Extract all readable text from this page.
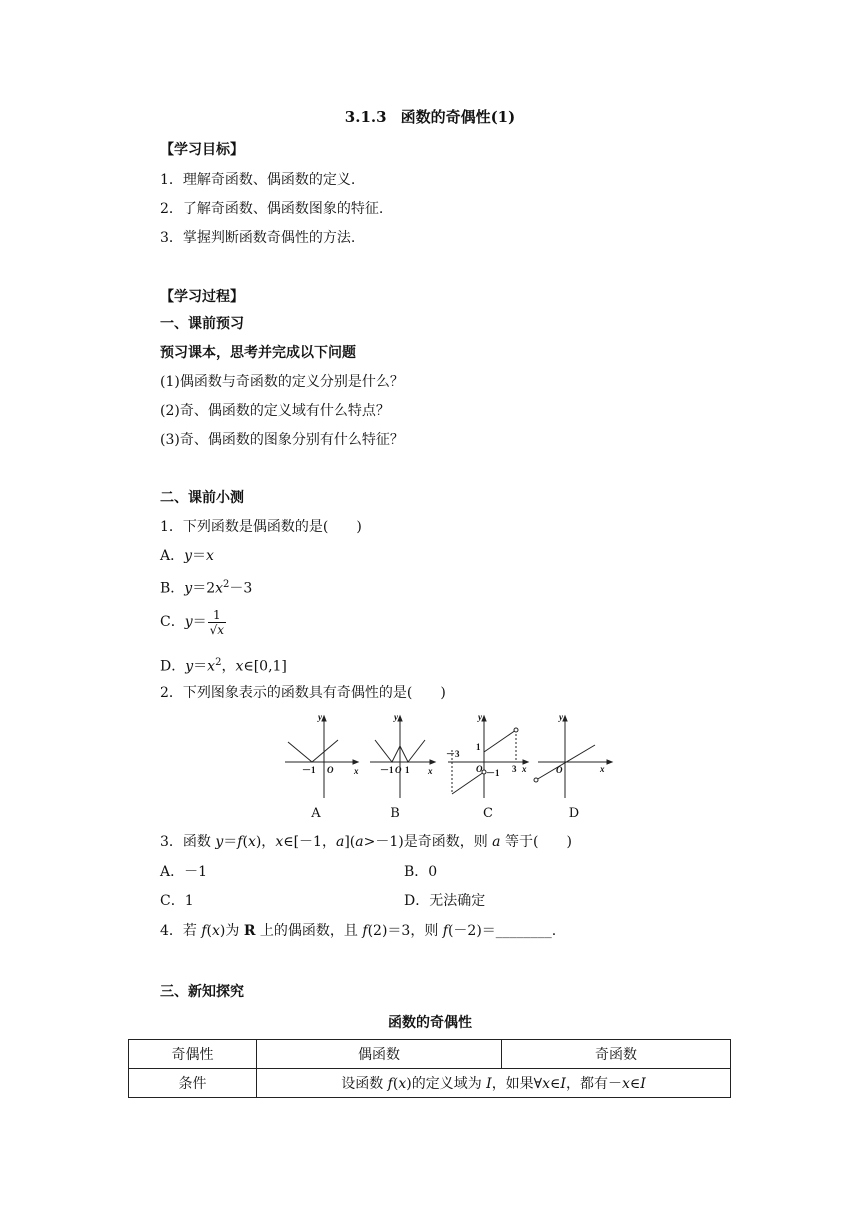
3.1.3 函数的奇偶性(1)
【学习目标】
1．理解奇函数、偶函数的定义.
2．了解奇函数、偶函数图象的特征.
3．掌握判断函数奇偶性的方法.
【学习过程】
一、课前预习
预习课本，思考并完成以下问题
(1)偶函数与奇函数的定义分别是什么？
(2)奇、偶函数的定义域有什么特点？
(3)奇、偶函数的图象分别有什么特征？
二、课前小测
1．下列函数是偶函数的是(　　)
A．y＝x
B．$y=2x^2-3$
C．$y= \frac{1}{√x}$
D．$y=x^2$，x∈[0,1]
2．下列图象表示的函数具有奇偶性的是(　　)
y
x
O
－1
y
x
O
－1 1
y
x
O
－3
3
1
－1
y
x
O
A	B	C	D
3．函数 y＝f(x)，x∈[－1，a](a>－1)是奇函数，则 a 等于(　　)
A．－1	B．0
C．1	D．无法确定
4．若 f(x)为 R 上的偶函数，且 f(2)＝3，则 f(－2)＝________.
三、新知探究
函数的奇偶性
奇偶性	偶函数	奇函数
条件	设函数 f(x)的定义域为 I，如果∀x∈I，都有－x∈I	
